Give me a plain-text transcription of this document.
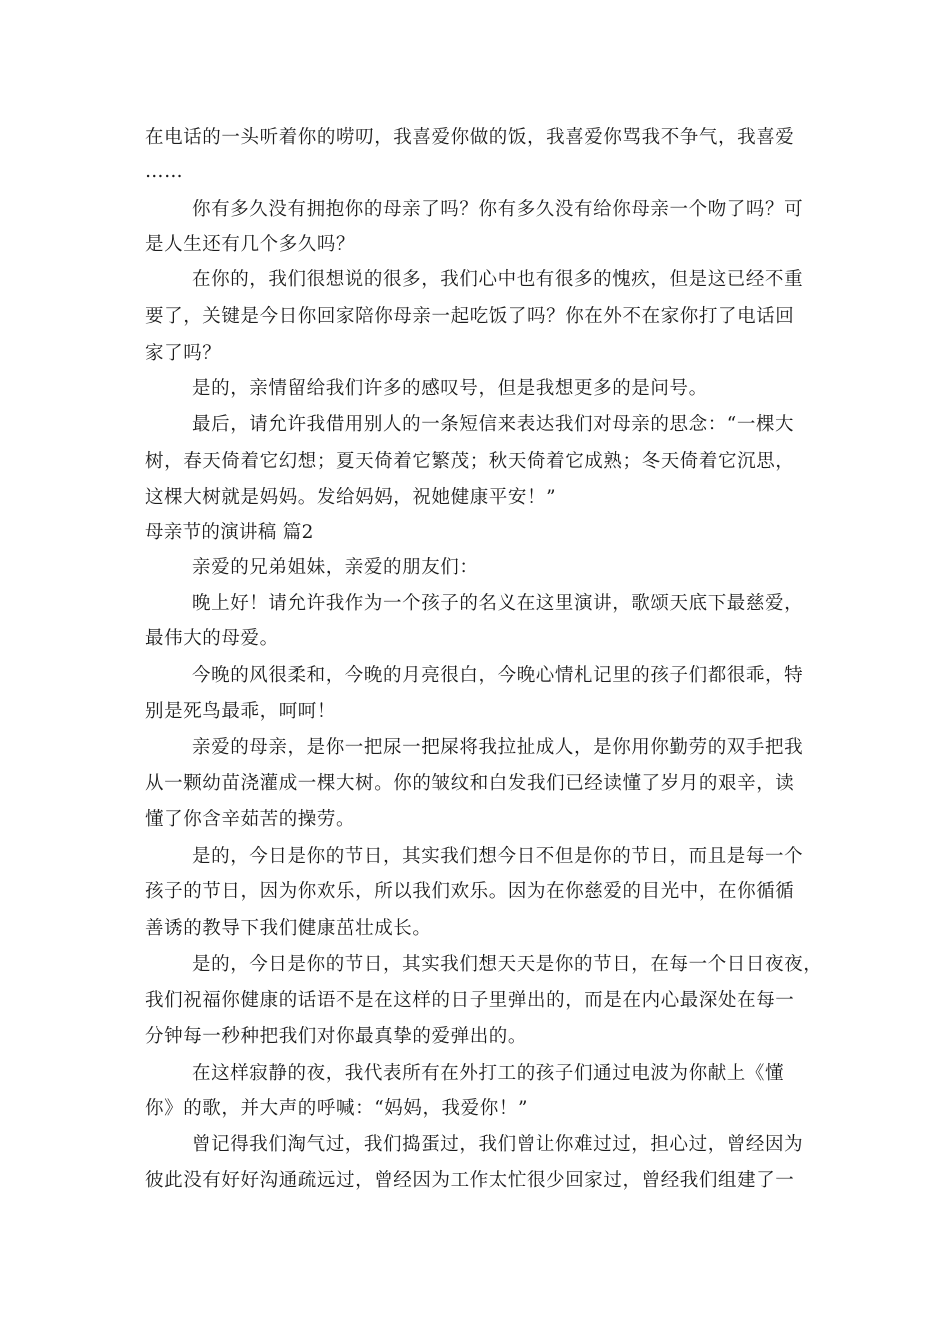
在电话的一头听着你的唠叨，我喜爱你做的饭，我喜爱你骂我不争气，我喜爱
……
你有多久没有拥抱你的母亲了吗？你有多久没有给你母亲一个吻了吗？可
是人生还有几个多久吗？
在你的，我们很想说的很多，我们心中也有很多的愧疚，但是这已经不重
要了，关键是今日你回家陪你母亲一起吃饭了吗？你在外不在家你打了电话回
家了吗？
是的，亲情留给我们许多的感叹号，但是我想更多的是问号。
最后，请允许我借用别人的一条短信来表达我们对母亲的思念：“一棵大
树，春天倚着它幻想；夏天倚着它繁茂；秋天倚着它成熟；冬天倚着它沉思，
这棵大树就是妈妈。发给妈妈，祝她健康平安！”
母亲节的演讲稿 篇2
亲爱的兄弟姐妹，亲爱的朋友们：
晚上好！请允许我作为一个孩子的名义在这里演讲，歌颂天底下最慈爱，
最伟大的母爱。
今晚的风很柔和，今晚的月亮很白，今晚心情札记里的孩子们都很乖，特
别是死鸟最乖，呵呵！
亲爱的母亲，是你一把尿一把屎将我拉扯成人，是你用你勤劳的双手把我
从一颗幼苗浇灌成一棵大树。你的皱纹和白发我们已经读懂了岁月的艰辛，读
懂了你含辛茹苦的操劳。
是的，今日是你的节日，其实我们想今日不但是你的节日，而且是每一个
孩子的节日，因为你欢乐，所以我们欢乐。因为在你慈爱的目光中，在你循循
善诱的教导下我们健康茁壮成长。
是的，今日是你的节日，其实我们想天天是你的节日，在每一个日日夜夜，
我们祝福你健康的话语不是在这样的日子里弹出的，而是在内心最深处在每一
分钟每一秒种把我们对你最真挚的爱弹出的。
在这样寂静的夜，我代表所有在外打工的孩子们通过电波为你献上《懂
你》的歌，并大声的呼喊：“妈妈，我爱你！”
曾记得我们淘气过，我们捣蛋过，我们曾让你难过过，担心过，曾经因为
彼此没有好好沟通疏远过，曾经因为工作太忙很少回家过，曾经我们组建了一
